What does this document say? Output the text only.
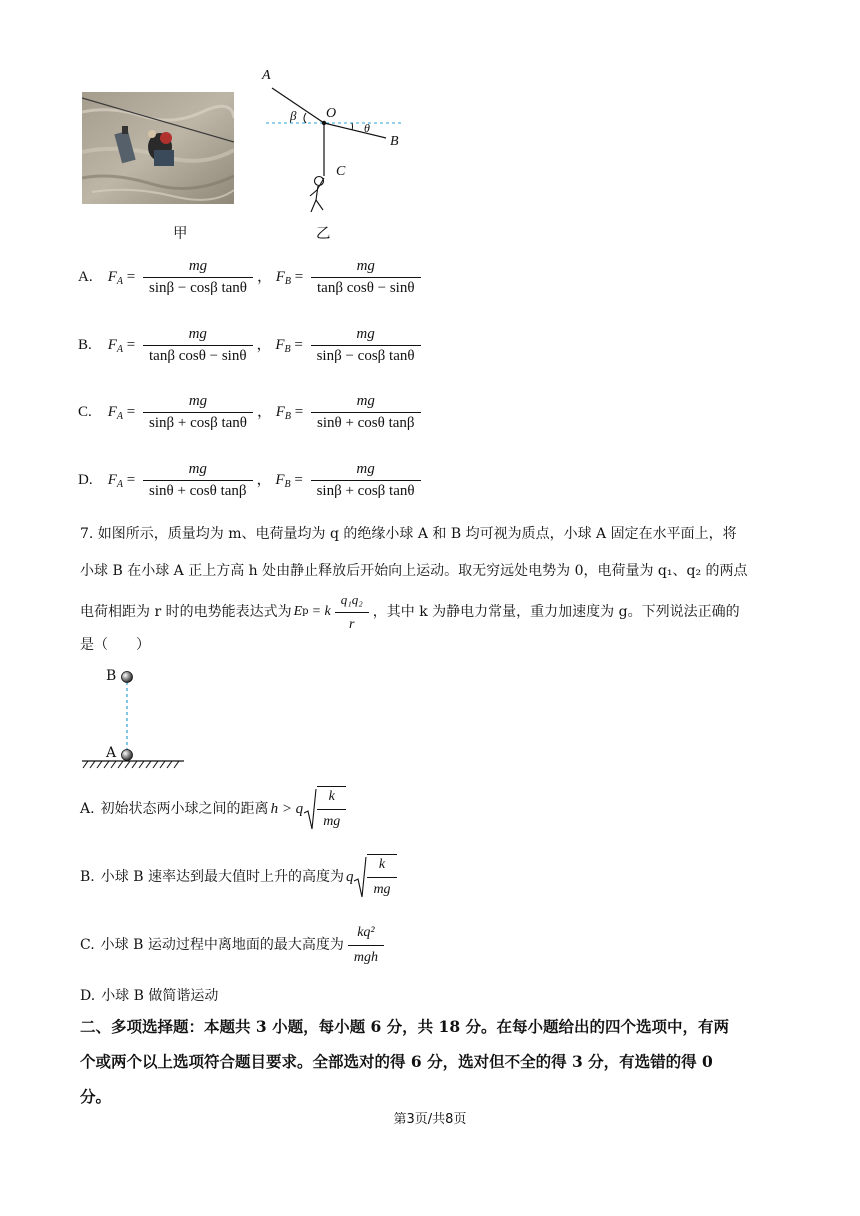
甲
A
O
β
θ
B
C
乙
A. $F_A = \frac{mg}{\text{sinβ − cosβ tanθ}}$ ， $F_B = \frac{mg}{\text{tanβ cosθ − sinθ}}$
B. $F_A = \frac{mg}{\text{tanβ cosθ − sinθ}}$ ， $F_B = \frac{mg}{\text{sinβ − cosβ tanθ}}$
C. $F_A = \frac{mg}{\text{sinβ + cosβ tanθ}}$ ， $F_B = \frac{mg}{\text{sinθ + cosθ tanβ}}$
D. $F_A = \frac{mg}{\text{sinθ + cosθ tanβ}}$ ， $F_B = \frac{mg}{\text{sinβ + cosβ tanθ}}$
7. 如图所示，质量均为 m、电荷量均为 q 的绝缘小球 A 和 B 均可视为质点，小球 A 固定在水平面上，将
小球 B 在小球 A 正上方高 h 处由静止释放后开始向上运动。取无穷远处电势为 0，电荷量为 q₁、q₂ 的两点
电荷相距为 r 时的电势能表达式为 E p = k $\frac{\text{q₁q₂}}{r}$ ，其中 k 为静电力常量，重力加速度为 g。下列说法正确的
是（　　）
B
A
A. 初始状态两小球之间的距离 h > q $\frac{k}{mg}$
B. 小球 B 速率达到最大值时上升的高度为 q $\frac{k}{mg}$
C. 小球 B 运动过程中离地面的最大高度为 $\frac{\text{kq²}}{\text{mgh}}$
D. 小球 B 做简谐运动
二、多项选择题：本题共 3 小题，每小题 6 分，共 18 分。在每小题给出的四个选项中，有两
个或两个以上选项符合题目要求。全部选对的得 6 分，选对但不全的得 3 分，有选错的得 0
分。
第3页/共8页
